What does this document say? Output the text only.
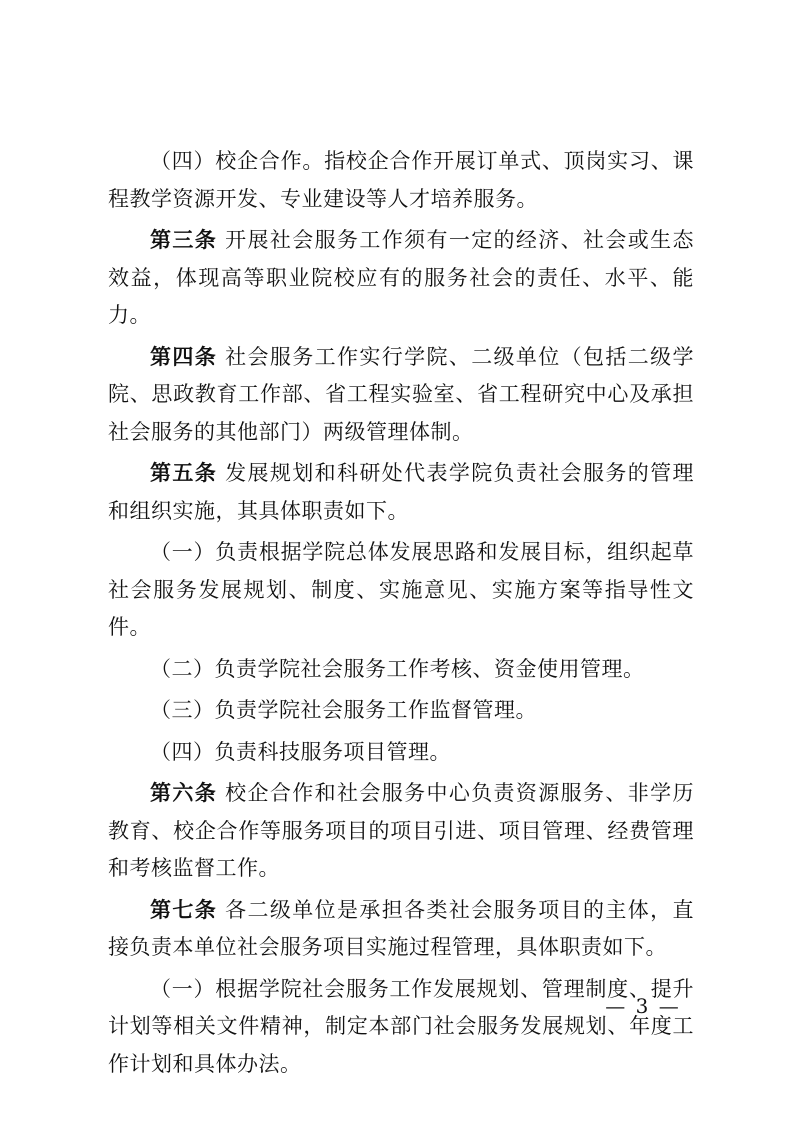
（四）校企合作。指校企合作开展订单式、顶岗实习、课程教学资源开发、专业建设等人才培养服务。

第三条 开展社会服务工作须有一定的经济、社会或生态效益，体现高等职业院校应有的服务社会的责任、水平、能力。

第四条 社会服务工作实行学院、二级单位（包括二级学院、思政教育工作部、省工程实验室、省工程研究中心及承担社会服务的其他部门）两级管理体制。

第五条 发展规划和科研处代表学院负责社会服务的管理和组织实施，其具体职责如下。

（一）负责根据学院总体发展思路和发展目标，组织起草社会服务发展规划、制度、实施意见、实施方案等指导性文件。

（二）负责学院社会服务工作考核、资金使用管理。

（三）负责学院社会服务工作监督管理。

（四）负责科技服务项目管理。

第六条 校企合作和社会服务中心负责资源服务、非学历教育、校企合作等服务项目的项目引进、项目管理、经费管理和考核监督工作。

第七条 各二级单位是承担各类社会服务项目的主体，直接负责本单位社会服务项目实施过程管理，具体职责如下。

（一）根据学院社会服务工作发展规划、管理制度、提升计划等相关文件精神，制定本部门社会服务发展规划、年度工作计划和具体办法。

— 3 —
